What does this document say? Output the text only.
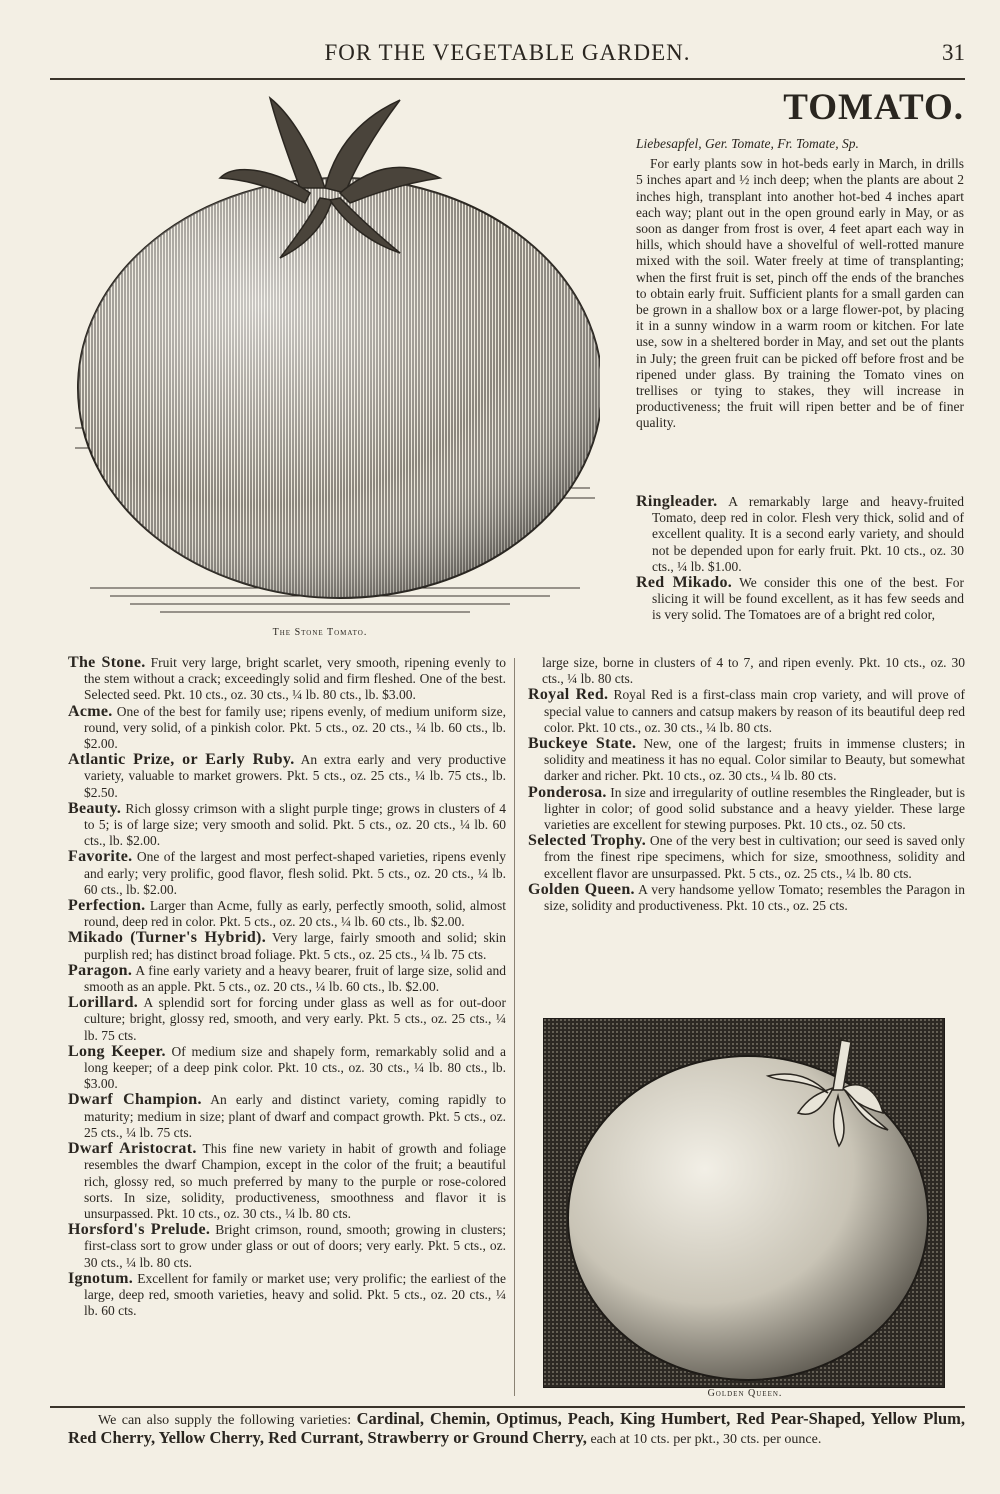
FOR THE VEGETABLE GARDEN.	31
The Stone Tomato.
TOMATO.
Liebesapfel, Ger. Tomate, Fr. Tomate, Sp.

For early plants sow in hot-beds early in March, in drills 5 inches apart and ½ inch deep; when the plants are about 2 inches high, transplant into another hot-bed 4 inches apart each way; plant out in the open ground early in May, or as soon as danger from frost is over, 4 feet apart each way in hills, which should have a shovelful of well-rotted manure mixed with the soil. Water freely at time of transplanting; when the first fruit is set, pinch off the ends of the branches to obtain early fruit. Sufficient plants for a small garden can be grown in a shallow box or a large flower-pot, by placing it in a sunny window in a warm room or kitchen. For late use, sow in a sheltered border in May, and set out the plants in July; the green fruit can be picked off before frost and be ripened under glass. By training the Tomato vines on trellises or tying to stakes, they will increase in productiveness; the fruit will ripen better and be of finer quality.

Ringleader. A remarkably large and heavy-fruited Tomato, deep red in color. Flesh very thick, solid and of excellent quality. It is a second early variety, and should not be depended upon for early fruit. Pkt. 10 cts., oz. 30 cts., ¼ lb. $1.00.

Red Mikado. We consider this one of the best. For slicing it will be found excellent, as it has few seeds and is very solid. The Tomatoes are of a bright red color,

The Stone. Fruit very large, bright scarlet, very smooth, ripening evenly to the stem without a crack; exceedingly solid and firm fleshed. One of the best. Selected seed. Pkt. 10 cts., oz. 30 cts., ¼ lb. 80 cts., lb. $3.00.

Acme. One of the best for family use; ripens evenly, of medium uniform size, round, very solid, of a pinkish color. Pkt. 5 cts., oz. 20 cts., ¼ lb. 60 cts., lb. $2.00.

Atlantic Prize, or Early Ruby. An extra early and very productive variety, valuable to market growers. Pkt. 5 cts., oz. 25 cts., ¼ lb. 75 cts., lb. $2.50.

Beauty. Rich glossy crimson with a slight purple tinge; grows in clusters of 4 to 5; is of large size; very smooth and solid. Pkt. 5 cts., oz. 20 cts., ¼ lb. 60 cts., lb. $2.00.

Favorite. One of the largest and most perfect-shaped varieties, ripens evenly and early; very prolific, good flavor, flesh solid. Pkt. 5 cts., oz. 20 cts., ¼ lb. 60 cts., lb. $2.00.

Perfection. Larger than Acme, fully as early, perfectly smooth, solid, almost round, deep red in color. Pkt. 5 cts., oz. 20 cts., ¼ lb. 60 cts., lb. $2.00.

Mikado (Turner's Hybrid). Very large, fairly smooth and solid; skin purplish red; has distinct broad foliage. Pkt. 5 cts., oz. 25 cts., ¼ lb. 75 cts.

Paragon. A fine early variety and a heavy bearer, fruit of large size, solid and smooth as an apple. Pkt. 5 cts., oz. 20 cts., ¼ lb. 60 cts., lb. $2.00.

Lorillard. A splendid sort for forcing under glass as well as for out-door culture; bright, glossy red, smooth, and very early. Pkt. 5 cts., oz. 25 cts., ¼ lb. 75 cts.

Long Keeper. Of medium size and shapely form, remarkably solid and a long keeper; of a deep pink color. Pkt. 10 cts., oz. 30 cts., ¼ lb. 80 cts., lb. $3.00.

Dwarf Champion. An early and distinct variety, coming rapidly to maturity; medium in size; plant of dwarf and compact growth. Pkt. 5 cts., oz. 25 cts., ¼ lb. 75 cts.

Dwarf Aristocrat. This fine new variety in habit of growth and foliage resembles the dwarf Champion, except in the color of the fruit; a beautiful rich, glossy red, so much preferred by many to the purple or rose-colored sorts. In size, solidity, productiveness, smoothness and flavor it is unsurpassed. Pkt. 10 cts., oz. 30 cts., ¼ lb. 80 cts.

Horsford's Prelude. Bright crimson, round, smooth; growing in clusters; first-class sort to grow under glass or out of doors; very early. Pkt. 5 cts., oz. 30 cts., ¼ lb. 80 cts.

Ignotum. Excellent for family or market use; very prolific; the earliest of the large, deep red, smooth varieties, heavy and solid. Pkt. 5 cts., oz. 20 cts., ¼ lb. 60 cts.

large size, borne in clusters of 4 to 7, and ripen evenly. Pkt. 10 cts., oz. 30 cts., ¼ lb. 80 cts.

Royal Red. Royal Red is a first-class main crop variety, and will prove of special value to canners and catsup makers by reason of its beautiful deep red color. Pkt. 10 cts., oz. 30 cts., ¼ lb. 80 cts.

Buckeye State. New, one of the largest; fruits in immense clusters; in solidity and meatiness it has no equal. Color similar to Beauty, but somewhat darker and richer. Pkt. 10 cts., oz. 30 cts., ¼ lb. 80 cts.

Ponderosa. In size and irregularity of outline resembles the Ringleader, but is lighter in color; of good solid substance and a heavy yielder. These large varieties are excellent for stewing purposes. Pkt. 10 cts., oz. 50 cts.

Selected Trophy. One of the very best in cultivation; our seed is saved only from the finest ripe specimens, which for size, smoothness, solidity and excellent flavor are unsurpassed. Pkt. 5 cts., oz. 25 cts., ¼ lb. 80 cts.

Golden Queen. A very handsome yellow Tomato; resembles the Paragon in size, solidity and productiveness. Pkt. 10 cts., oz. 25 cts.

Golden Queen.
We can also supply the following varieties: Cardinal, Chemin, Optimus, Peach, King Humbert, Red Pear-Shaped, Yellow Plum, Red Cherry, Yellow Cherry, Red Currant, Strawberry or Ground Cherry, each at 10 cts. per pkt., 30 cts. per ounce.
